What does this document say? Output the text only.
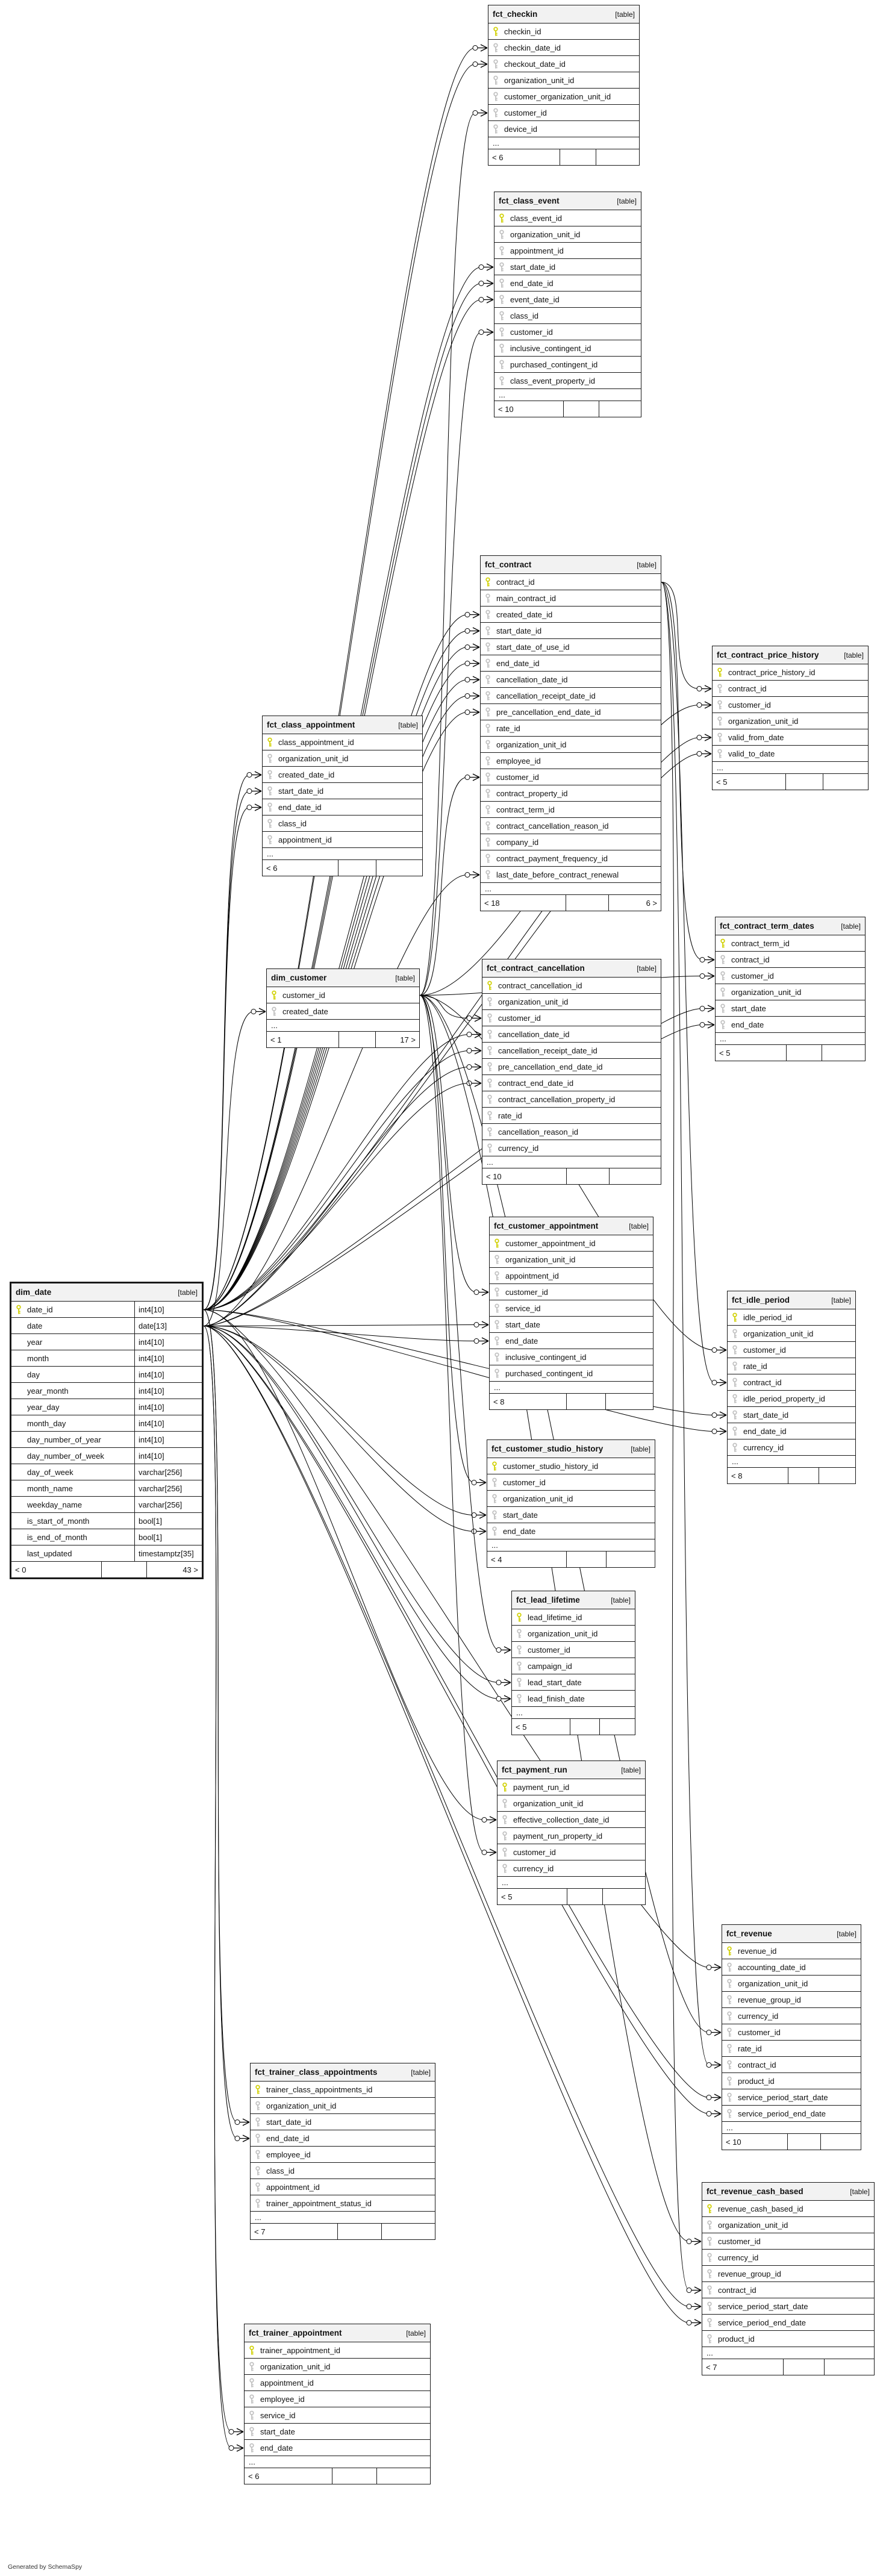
fct_checkin	[table]
checkin_id
checkin_date_id
checkout_date_id
organization_unit_id
customer_organization_unit_id
customer_id
device_id
...
< 6
fct_class_event	[table]
class_event_id
organization_unit_id
appointment_id
start_date_id
end_date_id
event_date_id
class_id
customer_id
inclusive_contingent_id
purchased_contingent_id
class_event_property_id
...
< 10
fct_contract	[table]
contract_id
main_contract_id
created_date_id
start_date_id
start_date_of_use_id
end_date_id
cancellation_date_id
cancellation_receipt_date_id
pre_cancellation_end_date_id
rate_id
organization_unit_id
employee_id
customer_id
contract_property_id
contract_term_id
contract_cancellation_reason_id
company_id
contract_payment_frequency_id
last_date_before_contract_renewal
...
< 18	6 >
fct_contract_price_history	[table]
contract_price_history_id
contract_id
customer_id
organization_unit_id
valid_from_date
valid_to_date
...
< 5
fct_class_appointment	[table]
class_appointment_id
organization_unit_id
created_date_id
start_date_id
end_date_id
class_id
appointment_id
...
< 6
dim_customer	[table]
customer_id
created_date
...
< 1	17 >
fct_contract_cancellation	[table]
contract_cancellation_id
organization_unit_id
customer_id
cancellation_date_id
cancellation_receipt_date_id
pre_cancellation_end_date_id
contract_end_date_id
contract_cancellation_property_id
rate_id
cancellation_reason_id
currency_id
...
< 10
fct_contract_term_dates	[table]
contract_term_id
contract_id
customer_id
organization_unit_id
start_date
end_date
...
< 5
fct_customer_appointment	[table]
customer_appointment_id
organization_unit_id
appointment_id
customer_id
service_id
start_date
end_date
inclusive_contingent_id
purchased_contingent_id
...
< 8
dim_date	[table]
date_id	int4[10]
date	date[13]
year	int4[10]
month	int4[10]
day	int4[10]
year_month	int4[10]
year_day	int4[10]
month_day	int4[10]
day_number_of_year	int4[10]
day_number_of_week	int4[10]
day_of_week	varchar[256]
month_name	varchar[256]
weekday_name	varchar[256]
is_start_of_month	bool[1]
is_end_of_month	bool[1]
last_updated	timestamptz[35]
< 0	43 >
fct_idle_period	[table]
idle_period_id
organization_unit_id
customer_id
rate_id
contract_id
idle_period_property_id
start_date_id
end_date_id
currency_id
...
< 8
fct_customer_studio_history	[table]
customer_studio_history_id
customer_id
organization_unit_id
start_date
end_date
...
< 4
fct_lead_lifetime	[table]
lead_lifetime_id
organization_unit_id
customer_id
campaign_id
lead_start_date
lead_finish_date
...
< 5
fct_payment_run	[table]
payment_run_id
organization_unit_id
effective_collection_date_id
payment_run_property_id
customer_id
currency_id
...
< 5
fct_revenue	[table]
revenue_id
accounting_date_id
organization_unit_id
revenue_group_id
currency_id
customer_id
rate_id
contract_id
product_id
service_period_start_date
service_period_end_date
...
< 10
fct_revenue_cash_based	[table]
revenue_cash_based_id
organization_unit_id
customer_id
currency_id
revenue_group_id
contract_id
service_period_start_date
service_period_end_date
product_id
...
< 7
fct_trainer_class_appointments	[table]
trainer_class_appointments_id
organization_unit_id
start_date_id
end_date_id
employee_id
class_id
appointment_id
trainer_appointment_status_id
...
< 7
fct_trainer_appointment	[table]
trainer_appointment_id
organization_unit_id
appointment_id
employee_id
service_id
start_date
end_date
...
< 6
Generated by SchemaSpy
